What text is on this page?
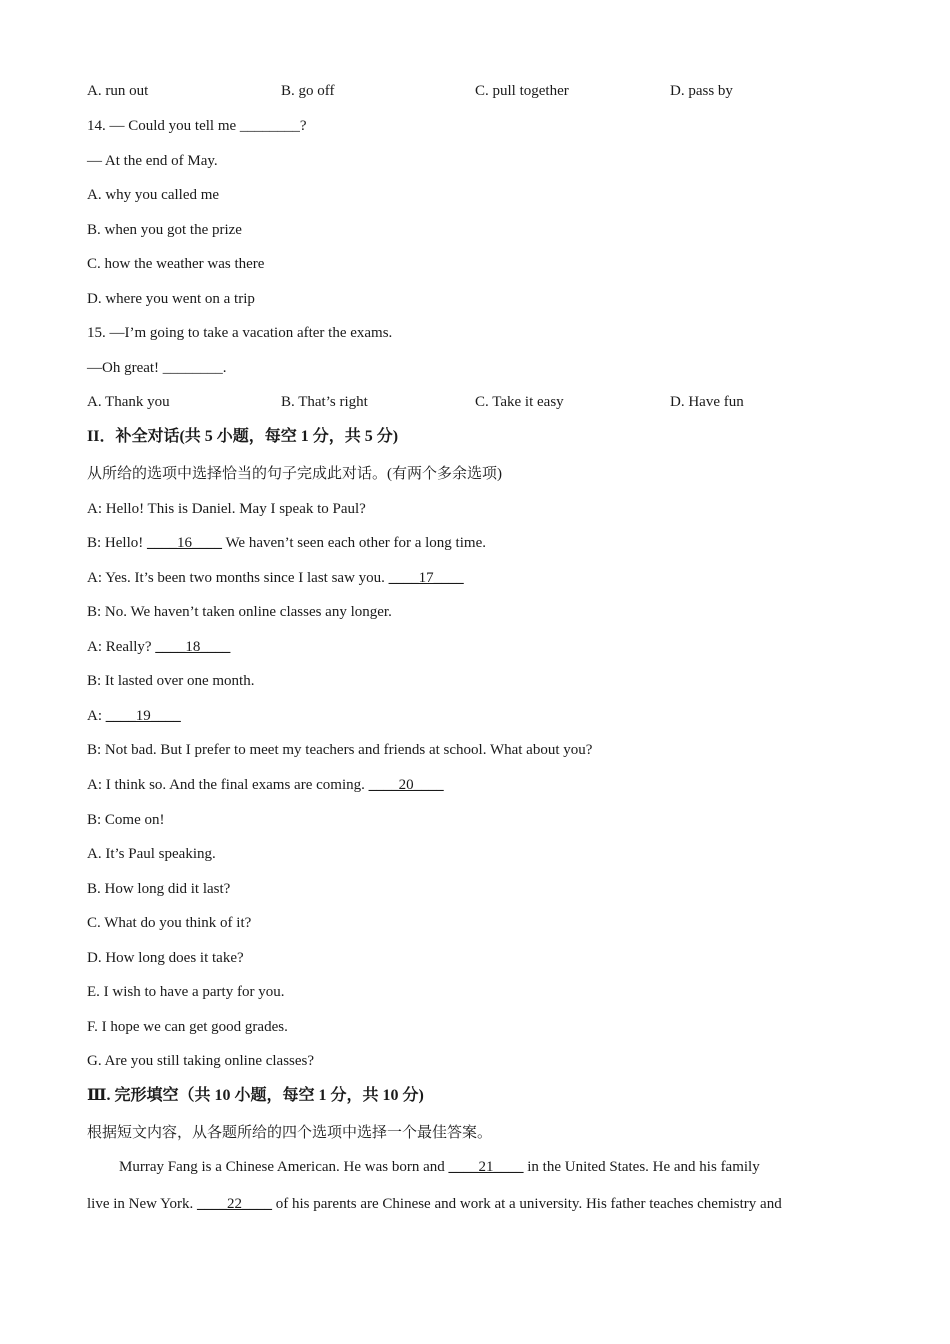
A. run out	B. go off	C. pull together	D. pass by
14. — Could you tell me ________?
— At the end of May.
A. why you called me
B. when you got the prize
C. how the weather was there
D. where you went on a trip
15. —I’m going to take a vacation after the exams.
—Oh great! ________.
A. Thank you	B. That’s right	C. Take it easy	D. Have fun
II．补全对话(共 5 小题，每空 1 分，共 5 分)
从所给的选项中选择恰当的句子完成此对话。(有两个多余选项)
A: Hello! This is Daniel. May I speak to Paul?
B: Hello! ____16____ We haven’t seen each other for a long time.
A: Yes. It’s been two months since I last saw you. ____17____
B: No. We haven’t taken online classes any longer.
A: Really? ____18____
B: It lasted over one month.
A: ____19____
B: Not bad. But I prefer to meet my teachers and friends at school. What about you?
A: I think so. And the final exams are coming. ____20____
B: Come on!
A. It’s Paul speaking.
B. How long did it last?
C. What do you think of it?
D. How long does it take?
E. I wish to have a party for you.
F. I hope we can get good grades.
G. Are you still taking online classes?
Ⅲ. 完形填空（共 10 小题，每空 1 分，共 10 分)
根据短文内容，从各题所给的四个选项中选择一个最佳答案。
Murray Fang is a Chinese American. He was born and ____21____ in the United States. He and his family
live in New York. ____22____ of his parents are Chinese and work at a university. His father teaches chemistry and
